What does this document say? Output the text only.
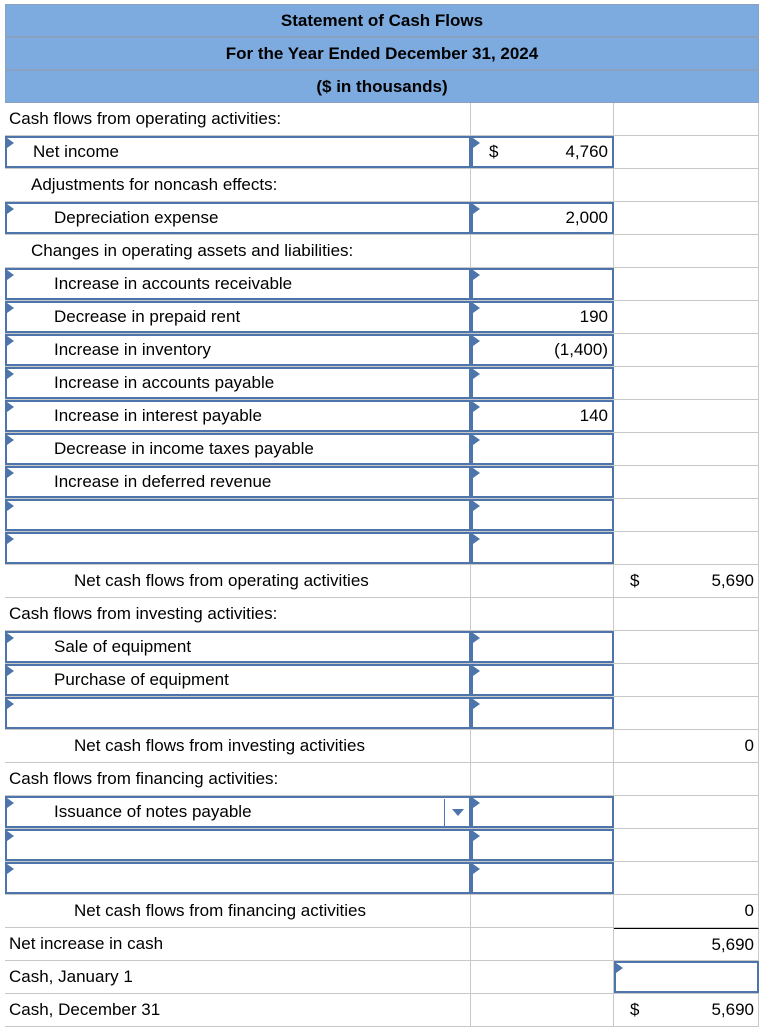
Statement of Cash Flows
For the Year Ended December 31, 2024
($ in thousands)
Cash flows from operating activities:
Net income	$	4,760
Adjustments for noncash effects:
Depreciation expense	2,000
Changes in operating assets and liabilities:
Increase in accounts receivable
Decrease in prepaid rent	190
Increase in inventory	(1,400)
Increase in accounts payable
Increase in interest payable	140
Decrease in income taxes payable
Increase in deferred revenue
Net cash flows from operating activities	$	5,690
Cash flows from investing activities:
Sale of equipment
Purchase of equipment
Net cash flows from investing activities	0
Cash flows from financing activities:
Issuance of notes payable
Net cash flows from financing activities	0
Net increase in cash	5,690
Cash, January 1
Cash, December 31	$	5,690
